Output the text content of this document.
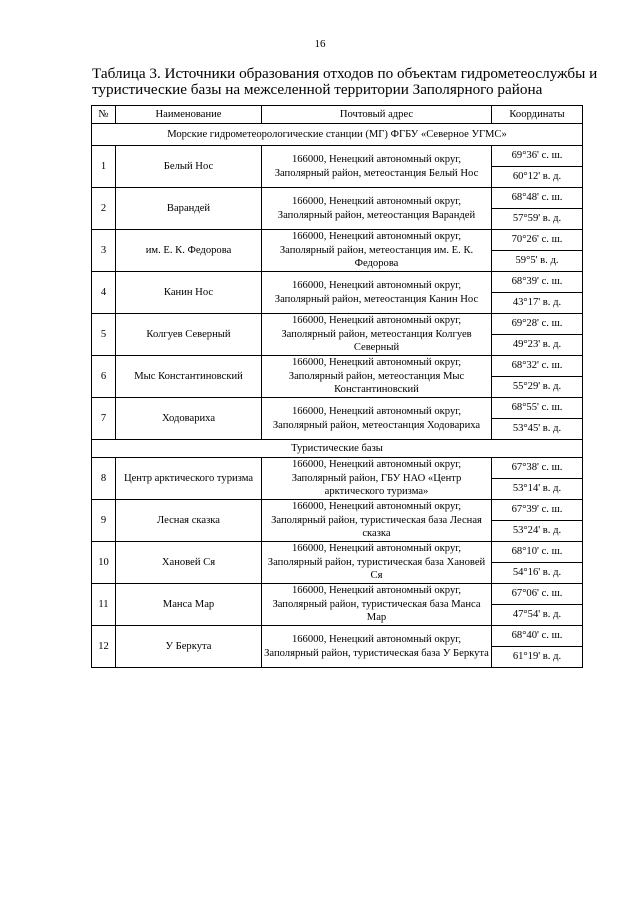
16
Таблица 3. Источники образования отходов по объектам гидрометеослужбы и туристические базы на межселенной территории Заполярного района
№	Наименование	Почтовый адрес	Координаты
Морские гидрометеорологические станции (МГ) ФГБУ «Северное УГМС»			
1	Белый Нос	166000, Ненецкий автономный округ, Заполярный район, метеостанция Белый Нос	69°36' с. ш.
			60°12' в. д.
2	Варандей	166000, Ненецкий автономный округ, Заполярный район, метеостанция Варандей	68°48' с. ш.
			57°59' в. д.
3	им. Е. К. Федорова	166000, Ненецкий автономный округ, Заполярный район, метеостанция им. Е. К. Федорова	70°26' с. ш.
			59°5' в. д.
4	Канин Нос	166000, Ненецкий автономный округ, Заполярный район, метеостанция Канин Нос	68°39' с. ш.
			43°17' в. д.
5	Колгуев Северный	166000, Ненецкий автономный округ, Заполярный район, метеостанция Колгуев Северный	69°28' с. ш.
			49°23' в. д.
6	Мыс Константиновский	166000, Ненецкий автономный округ, Заполярный район, метеостанция Мыс Константиновский	68°32' с. ш.
			55°29' в. д.
7	Ходовариха	166000, Ненецкий автономный округ, Заполярный район, метеостанция Ходовариха	68°55' с. ш.
			53°45' в. д.
Туристические базы			
8	Центр арктического туризма	166000, Ненецкий автономный округ, Заполярный район, ГБУ НАО «Центр арктического туризма»	67°38' с. ш.
			53°14' в. д.
9	Лесная сказка	166000, Ненецкий автономный округ, Заполярный район, туристическая база Лесная сказка	67°39' с. ш.
			53°24' в. д.
10	Хановей Ся	166000, Ненецкий автономный округ, Заполярный район, туристическая база Хановей Ся	68°10' с. ш.
			54°16' в. д.
11	Манса Мар	166000, Ненецкий автономный округ, Заполярный район, туристическая база Манса Мар	67°06' с. ш.
			47°54' в. д.
12	У Беркута	166000, Ненецкий автономный округ, Заполярный район, туристическая база У Беркута	68°40' с. ш.
			61°19' в. д.
